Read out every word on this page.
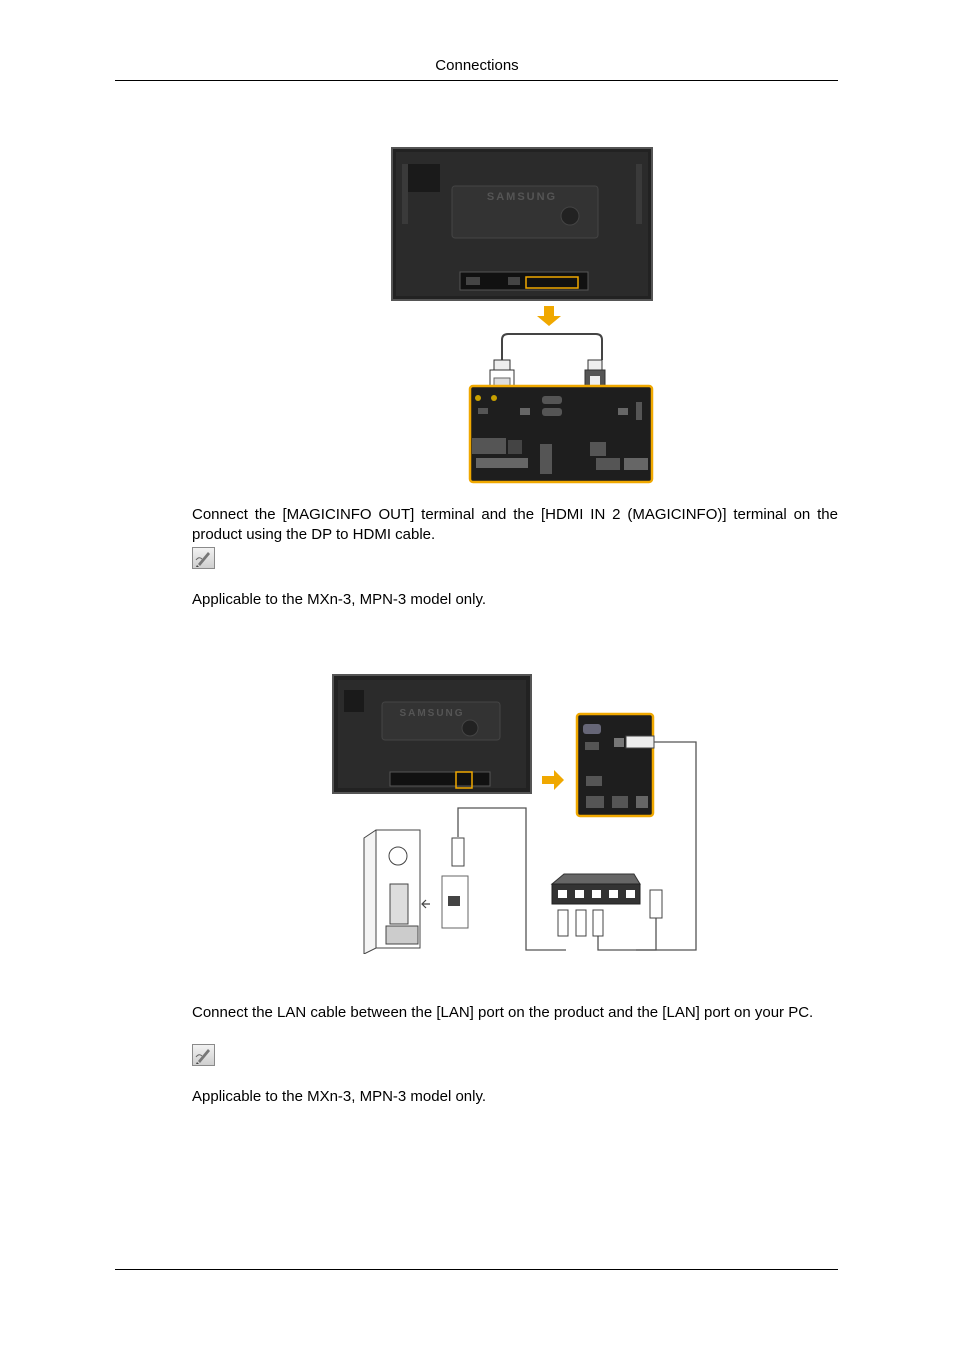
Connections
SAMSUNG
Connect the [MAGICINFO OUT] terminal and the [HDMI IN 2 (MAGICINFO)] terminal on the product using the DP to HDMI cable.
Applicable to the MXn-3, MPN-3 model only.
SAMSUNG
Connect the LAN cable between the [LAN] port on the product and the [LAN] port on your PC.
Applicable to the MXn-3, MPN-3 model only.
